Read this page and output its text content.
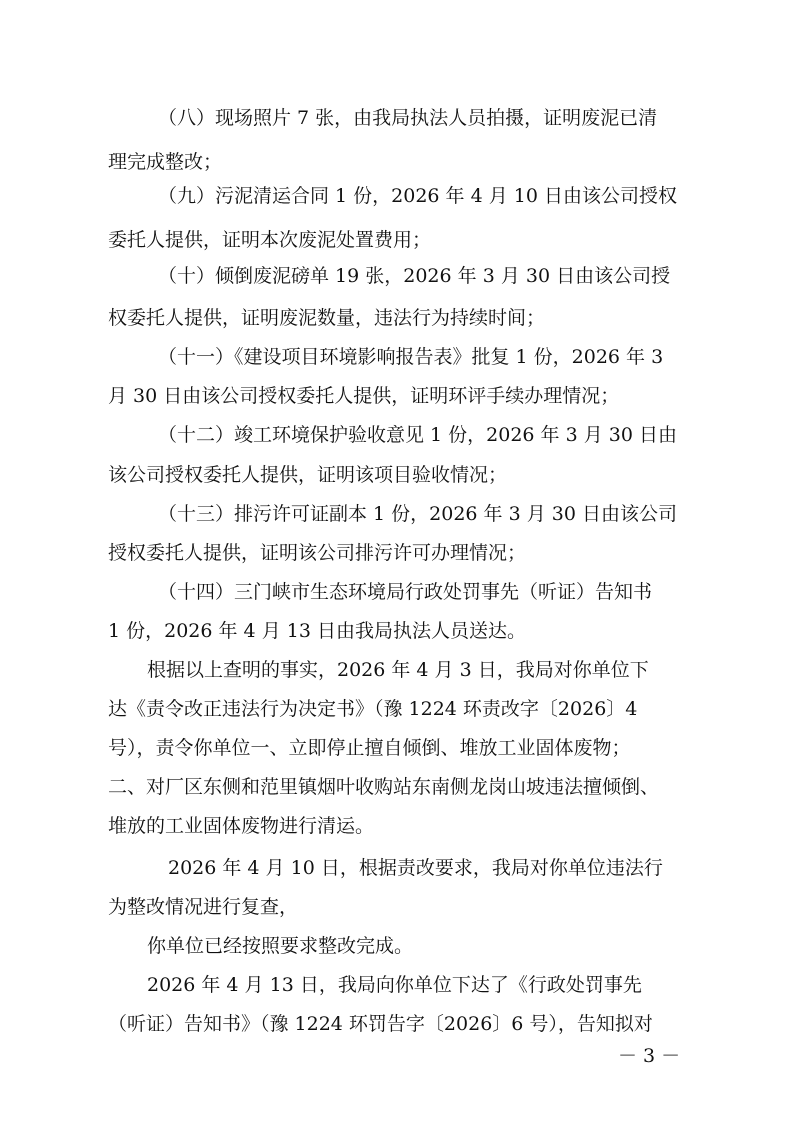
（八）现场照片 7 张，由我局执法人员拍摄，证明废泥已清
理完成整改；
（九）污泥清运合同 1 份，2026 年 4 月 10 日由该公司授权
委托人提供，证明本次废泥处置费用；
（十）倾倒废泥磅单 19 张，2026 年 3 月 30 日由该公司授
权委托人提供，证明废泥数量，违法行为持续时间；
（十一）《建设项目环境影响报告表》批复 1 份，2026 年 3
月 30 日由该公司授权委托人提供，证明环评手续办理情况；
（十二）竣工环境保护验收意见 1 份，2026 年 3 月 30 日由
该公司授权委托人提供，证明该项目验收情况；
（十三）排污许可证副本 1 份，2026 年 3 月 30 日由该公司
授权委托人提供，证明该公司排污许可办理情况；
（十四）三门峡市生态环境局行政处罚事先（听证）告知书
1 份，2026 年 4 月 13 日由我局执法人员送达。
根据以上查明的事实，2026 年 4 月 3 日，我局对你单位下
达《责令改正违法行为决定书》（豫 1224 环责改字〔2026〕4
号），责令你单位一、立即停止擅自倾倒、堆放工业固体废物；
二、对厂区东侧和范里镇烟叶收购站东南侧龙岗山坡违法擅倾倒、
堆放的工业固体废物进行清运。
2026 年 4 月 10 日，根据责改要求，我局对你单位违法行
为整改情况进行复查，
你单位已经按照要求整改完成。
2026 年 4 月 13 日，我局向你单位下达了《行政处罚事先
（听证）告知书》（豫 1224 环罚告字〔2026〕6 号），告知拟对
－ 3 －
